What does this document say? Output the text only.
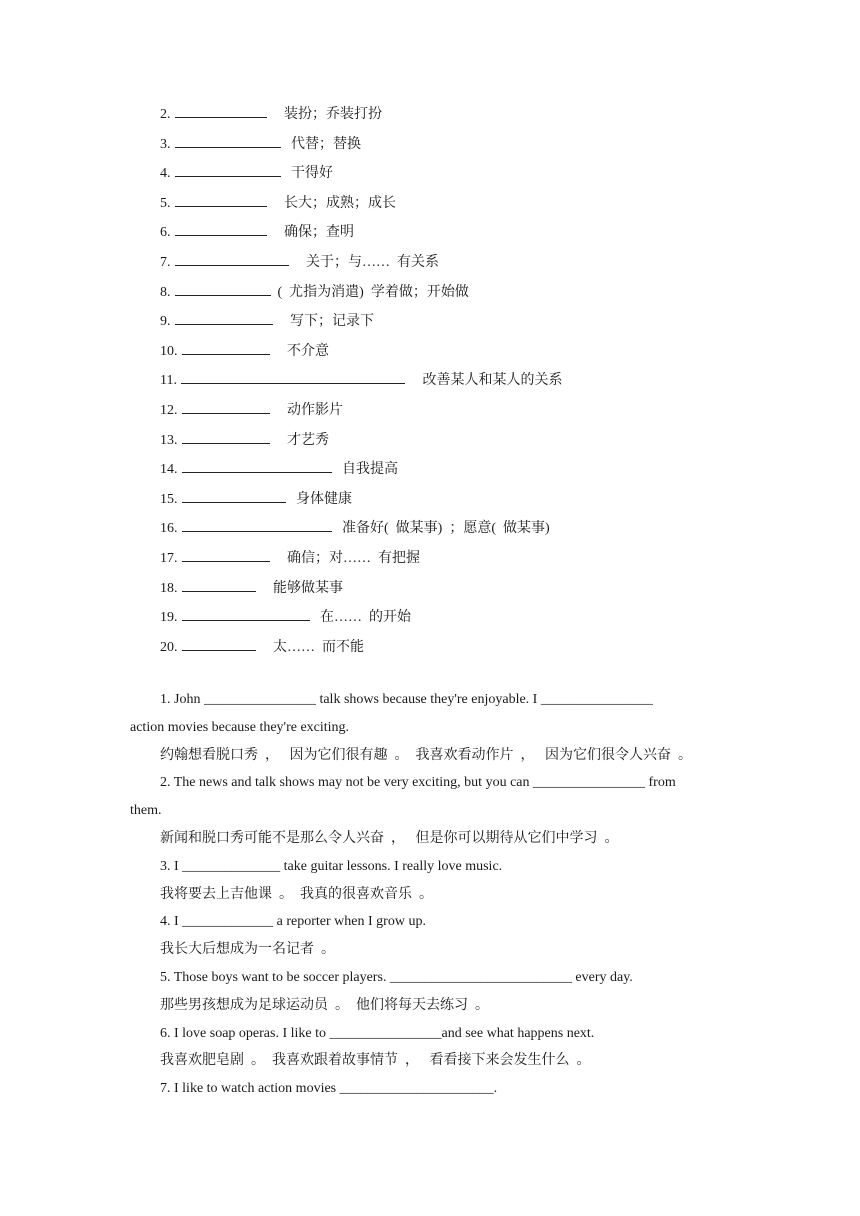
2.	装扮；乔装打扮
3.	代替；替换
4.	干得好
5.	长大；成熟；成长
6.	确保；查明
7.	关于；与……  有关系
8.	(  尤指为消遣)  学着做；开始做
9.	写下；记录下
10.	不介意
11.	改善某人和某人的关系
12.	动作影片
13.	才艺秀
14.	自我提高
15.	身体健康
16.	准备好(  做某事)  ；愿意(  做某事)
17.	确信；对……  有把握
18.	能够做某事
19.	在……  的开始
20.	太……  而不能
1. John ________________ talk shows because they're enjoyable. I ________________
action movies because they're exciting.
约翰想看脱口秀  ，   因为它们很有趣  。  我喜欢看动作片  ，   因为它们很令人兴奋  。
2. The news and talk shows may not be very exciting, but you can ________________ from
them.
新闻和脱口秀可能不是那么令人兴奋  ，   但是你可以期待从它们中学习  。
3. I ______________ take guitar lessons. I really love music.
我将要去上吉他课  。  我真的很喜欢音乐  。
4. I _____________ a reporter when I grow up.
我长大后想成为一名记者  。
5. Those boys want to be soccer players. __________________________ every day.
那些男孩想成为足球运动员  。  他们将每天去练习  。
6. I love soap operas. I like to ________________and see what happens next.
我喜欢肥皂剧  。  我喜欢跟着故事情节  ，   看看接下来会发生什么  。
7. I like to watch action movies ______________________.
